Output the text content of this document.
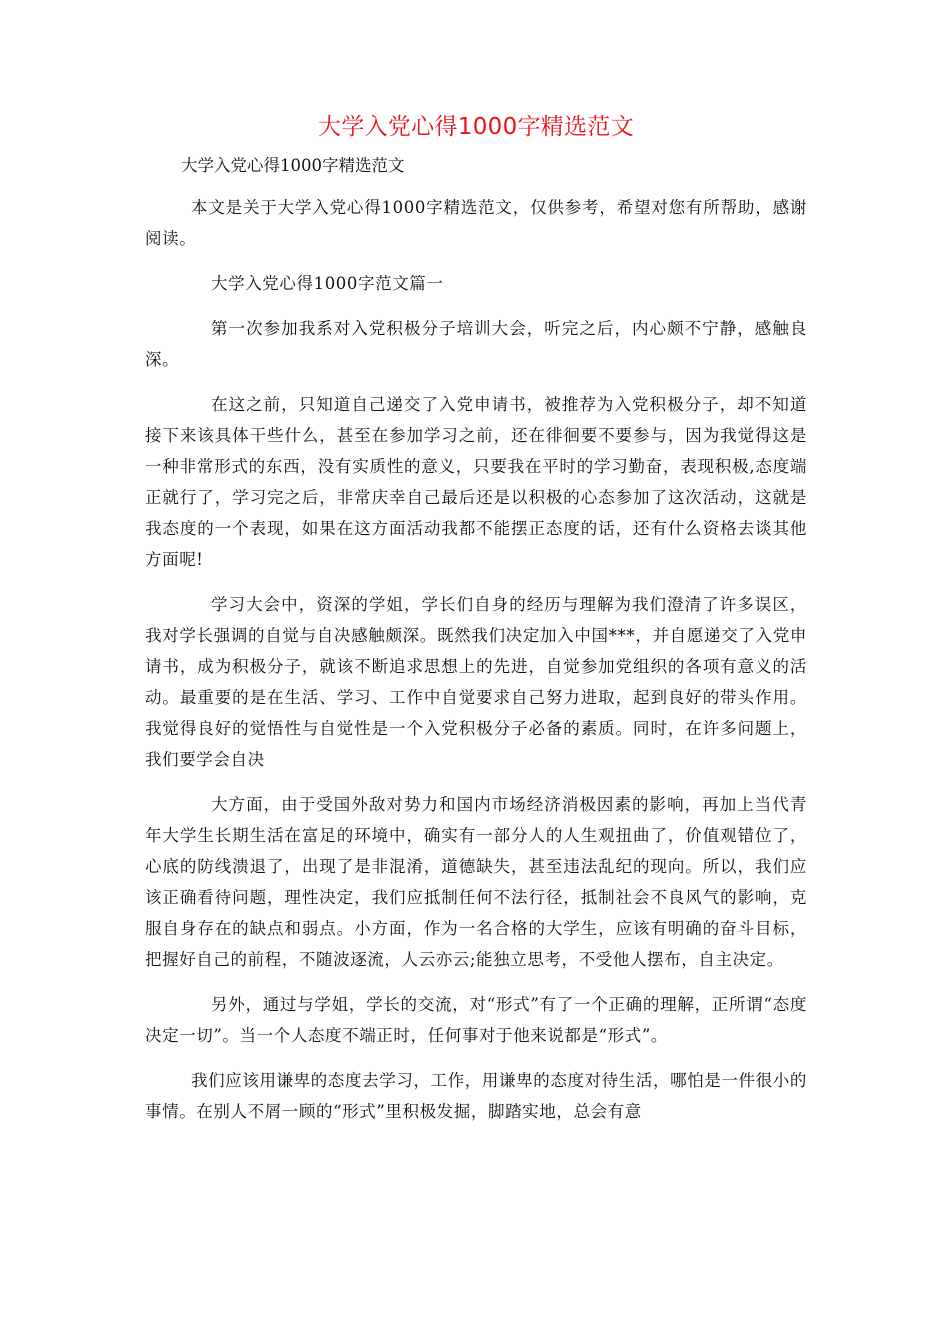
大学入党心得1000字精选范文
大学入党心得1000字精选范文

本文是关于大学入党心得1000字精选范文，仅供参考，希望对您有所帮助，感谢阅读。

大学入党心得1000字范文篇一

第一次参加我系对入党积极分子培训大会，听完之后，内心颇不宁静，感触良深。

在这之前，只知道自己递交了入党申请书，被推荐为入党积极分子，却不知道接下来该具体干些什么，甚至在参加学习之前，还在徘徊要不要参与，因为我觉得这是一种非常形式的东西，没有实质性的意义，只要我在平时的学习勤奋，表现积极,态度端正就行了，学习完之后，非常庆幸自己最后还是以积极的心态参加了这次活动，这就是我态度的一个表现，如果在这方面活动我都不能摆正态度的话，还有什么资格去谈其他方面呢!

学习大会中，资深的学姐，学长们自身的经历与理解为我们澄清了许多误区，我对学长强调的自觉与自决感触颇深。既然我们决定加入中国***，并自愿递交了入党申请书，成为积极分子，就该不断追求思想上的先进，自觉参加党组织的各项有意义的活动。最重要的是在生活、学习、工作中自觉要求自己努力进取，起到良好的带头作用。我觉得良好的觉悟性与自觉性是一个入党积极分子必备的素质。同时，在许多问题上，我们要学会自决

大方面，由于受国外敌对势力和国内市场经济消极因素的影响，再加上当代青年大学生长期生活在富足的环境中，确实有一部分人的人生观扭曲了，价值观错位了，心底的防线溃退了，出现了是非混淆，道德缺失，甚至违法乱纪的现向。所以，我们应该正确看待问题，理性决定，我们应抵制任何不法行径，抵制社会不良风气的影响，克服自身存在的缺点和弱点。小方面，作为一名合格的大学生，应该有明确的奋斗目标，把握好自己的前程，不随波逐流，人云亦云;能独立思考，不受他人摆布，自主决定。

另外，通过与学姐，学长的交流，对“形式”有了一个正确的理解，正所谓“态度决定一切”。当一个人态度不端正时，任何事对于他来说都是“形式”。

我们应该用谦卑的态度去学习，工作，用谦卑的态度对待生活，哪怕是一件很小的事情。在别人不屑一顾的“形式”里积极发掘，脚踏实地，总会有意
